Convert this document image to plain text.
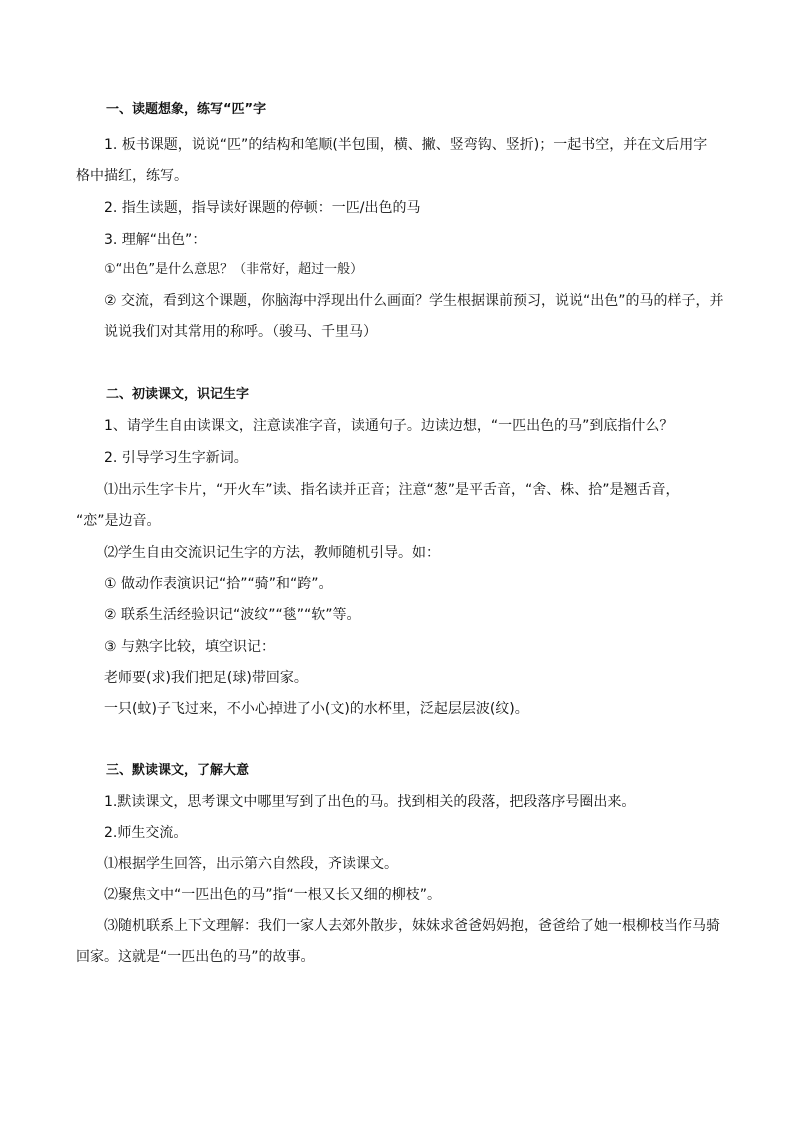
一、读题想象，练写“匹”字
1. 板书课题，说说“匹”的结构和笔顺(半包围，横、撇、竖弯钩、竖折)；一起书空，并在文后用字
格中描红，练写。
2. 指生读题，指导读好课题的停顿：一匹/出色的马
3. 理解“出色”：
①“出色”是什么意思？（非常好，超过一般）
② 交流，看到这个课题，你脑海中浮现出什么画面？学生根据课前预习，说说“出色”的马的样子，并
说说我们对其常用的称呼。（骏马、千里马）
二、初读课文，识记生字
1、请学生自由读课文，注意读准字音，读通句子。边读边想，“一匹出色的马”到底指什么？
2. 引导学习生字新词。
⑴出示生字卡片，“开火车”读、指名读并正音；注意“葱”是平舌音，“舍、株、拾”是翘舌音，
“恋”是边音。
⑵学生自由交流识记生字的方法，教师随机引导。如：
① 做动作表演识记“拾”“骑”和“跨”。
② 联系生活经验识记“波纹”“毯”“软”等。
③ 与熟字比较，填空识记：
老师要(求)我们把足(球)带回家。
一只(蚊)子飞过来，不小心掉进了小(文)的水杯里，泛起层层波(纹)。
三、默读课文，了解大意
1.默读课文，思考课文中哪里写到了出色的马。找到相关的段落，把段落序号圈出来。
2.师生交流。
⑴根据学生回答，出示第六自然段，齐读课文。
⑵聚焦文中“一匹出色的马”指“一根又长又细的柳枝”。
⑶随机联系上下文理解：我们一家人去郊外散步，妹妹求爸爸妈妈抱，爸爸给了她一根柳枝当作马骑
回家。这就是“一匹出色的马”的故事。
